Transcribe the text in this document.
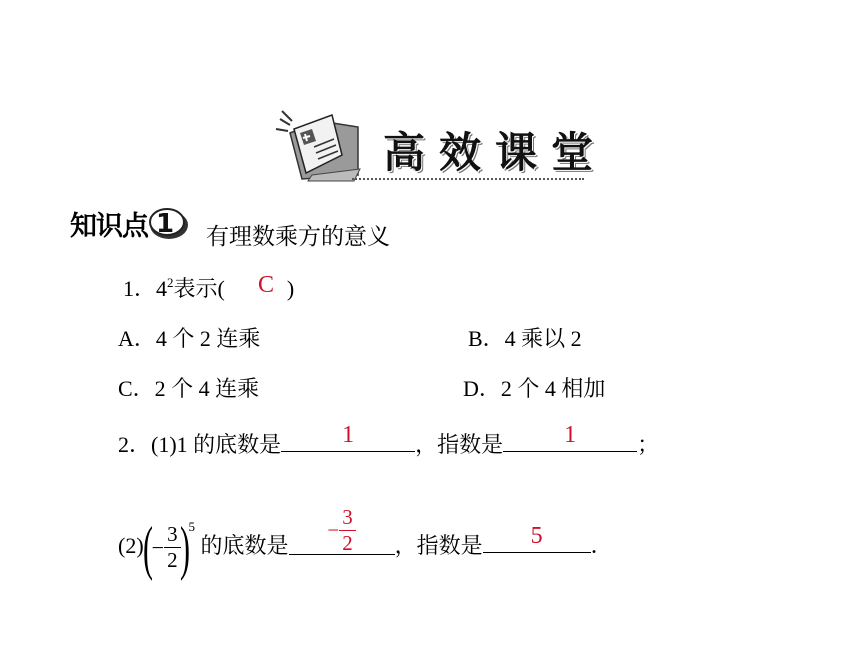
高效课堂
知识点 1 有理数乘方的意义
1．$4^2$表示(	)
C
A．4 个 2 连乘	B．4 乘以 2
C．2 个 4 连乘	D．2 个 4 相加
2．(1)1 的底数是	1	，指数是	1	；
$(2)(- \frac{3}{2}$
)$^5$ 的底数是
− $\frac{3}{2}$ ，指数是	5	．
